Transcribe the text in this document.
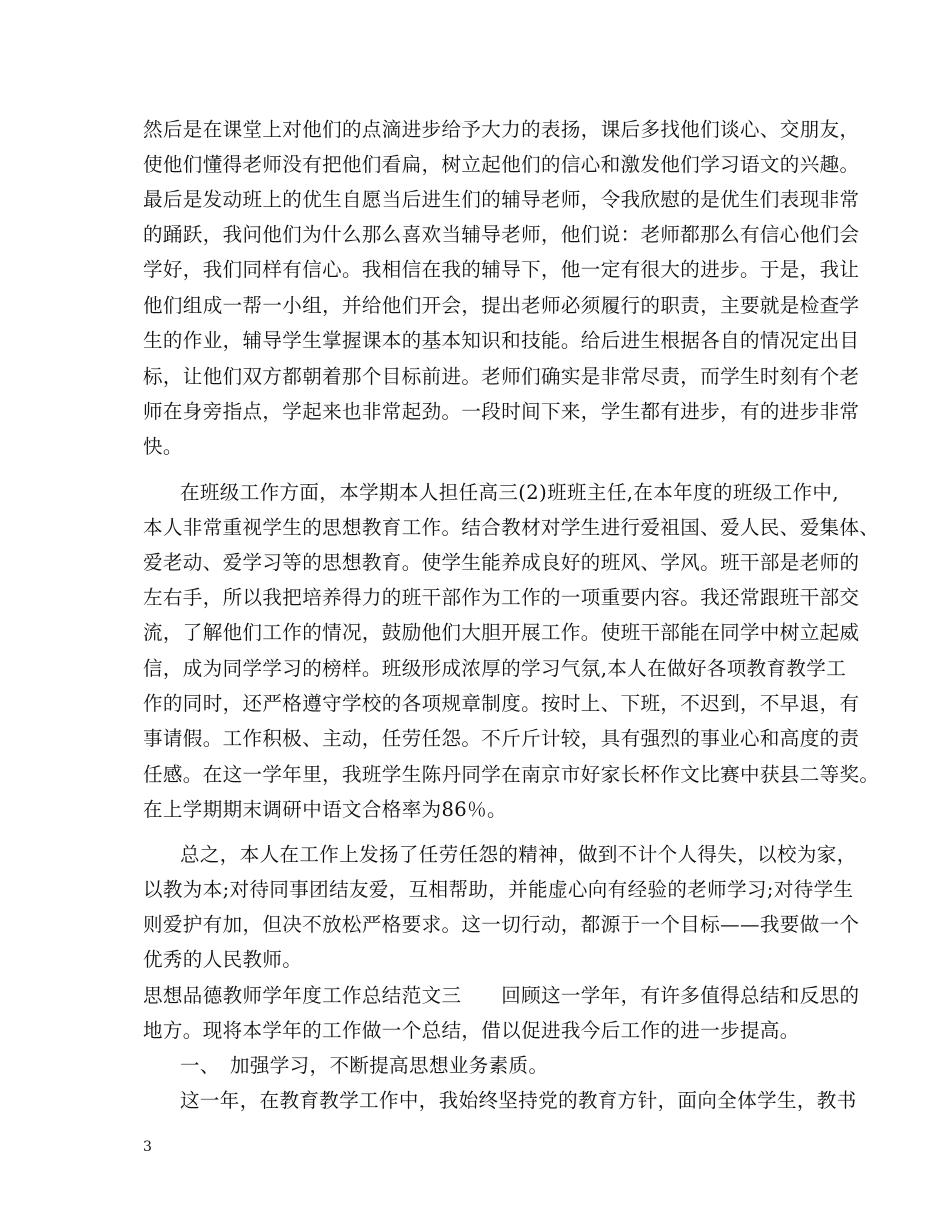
然后是在课堂上对他们的点滴进步给予大力的表扬，课后多找他们谈心、交朋友，
使他们懂得老师没有把他们看扁，树立起他们的信心和激发他们学习语文的兴趣。
最后是发动班上的优生自愿当后进生们的辅导老师，令我欣慰的是优生们表现非常
的踊跃，我问他们为什么那么喜欢当辅导老师，他们说：老师都那么有信心他们会
学好，我们同样有信心。我相信在我的辅导下，他一定有很大的进步。于是，我让
他们组成一帮一小组，并给他们开会，提出老师必须履行的职责，主要就是检查学
生的作业，辅导学生掌握课本的基本知识和技能。给后进生根据各自的情况定出目
标，让他们双方都朝着那个目标前进。老师们确实是非常尽责，而学生时刻有个老
师在身旁指点，学起来也非常起劲。一段时间下来，学生都有进步，有的进步非常
快。
在班级工作方面，本学期本人担任高三(2)班班主任,在本年度的班级工作中,
本人非常重视学生的思想教育工作。结合教材对学生进行爱祖国、爱人民、爱集体、
爱老动、爱学习等的思想教育。使学生能养成良好的班风、学风。班干部是老师的
左右手，所以我把培养得力的班干部作为工作的一项重要内容。我还常跟班干部交
流，了解他们工作的情况，鼓励他们大胆开展工作。使班干部能在同学中树立起威
信，成为同学学习的榜样。班级形成浓厚的学习气氛,本人在做好各项教育教学工
作的同时，还严格遵守学校的各项规章制度。按时上、下班，不迟到，不早退，有
事请假。工作积极、主动，任劳任怨。不斤斤计较，具有强烈的事业心和高度的责
任感。在这一学年里，我班学生陈丹同学在南京市好家长杯作文比赛中获县二等奖。
在上学期期末调研中语文合格率为86％。
总之，本人在工作上发扬了任劳任怨的精神，做到不计个人得失，以校为家，
以教为本;对待同事团结友爱，互相帮助，并能虚心向有经验的老师学习;对待学生
则爱护有加，但决不放松严格要求。这一切行动，都源于一个目标——我要做一个
优秀的人民教师。
思想品德教师学年度工作总结范文三　　回顾这一学年，有许多值得总结和反思的
地方。现将本学年的工作做一个总结，借以促进我今后工作的进一步提高。
一、　加强学习，不断提高思想业务素质。
这一年，在教育教学工作中，我始终坚持党的教育方针，面向全体学生，教书
3
